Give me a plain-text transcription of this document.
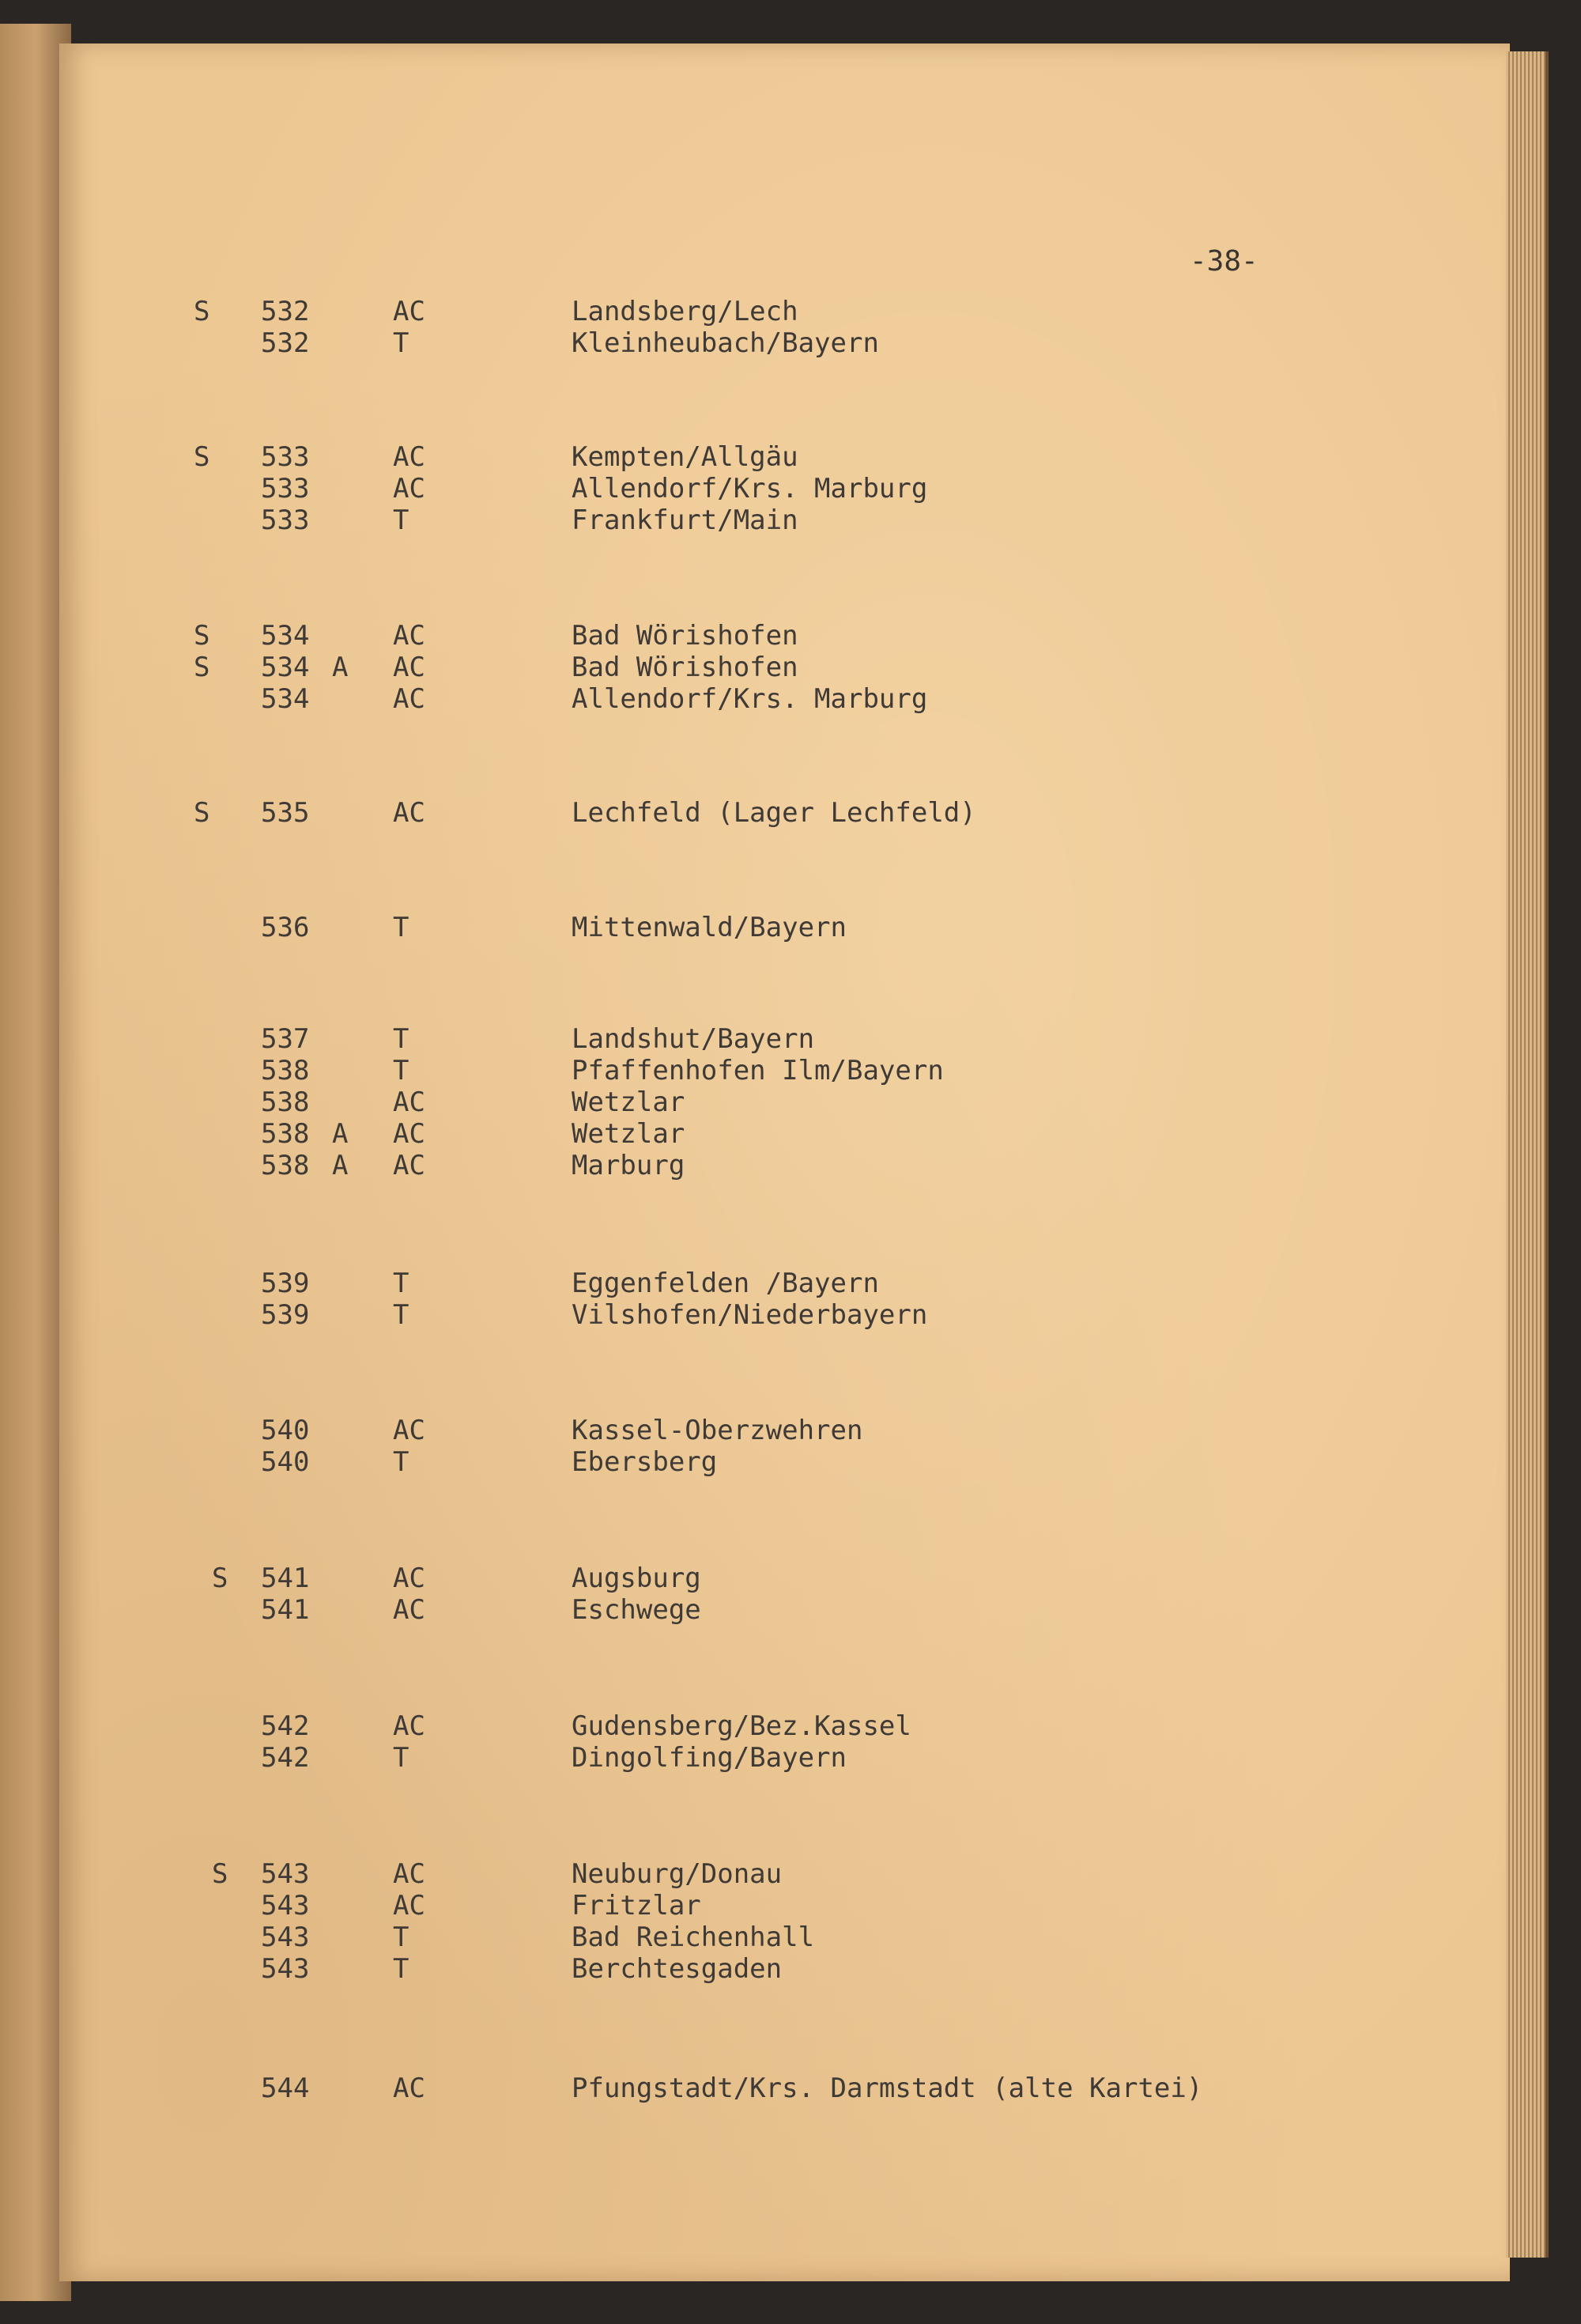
-38-
S 532	AC	Landsberg/Lech
532	T	Kleinheubach/Bayern
S 533	AC	Kempten/Allgäu
533	AC	Allendorf/Krs. Marburg
533	T	Frankfurt/Main
S 534	AC	Bad Wörishofen
S 534 A AC	Bad Wörishofen
534	AC	Allendorf/Krs. Marburg
S 535	AC	Lechfeld (Lager Lechfeld)
536	T	Mittenwald/Bayern
537	T	Landshut/Bayern
538	T	Pfaffenhofen Ilm/Bayern
538	AC	Wetzlar
538 A AC	Wetzlar
538 A AC	Marburg
539	T	Eggenfelden /Bayern
539	T	Vilshofen/Niederbayern
540	AC	Kassel-Oberzwehren
540	T	Ebersberg
S 541	AC	Augsburg
541	AC	Eschwege
542	AC	Gudensberg/Bez.Kassel
542	T	Dingolfing/Bayern
S 543	AC	Neuburg/Donau
543	AC	Fritzlar
543	T	Bad Reichenhall
543	T	Berchtesgaden
544	AC	Pfungstadt/Krs. Darmstadt (alte Kartei)
